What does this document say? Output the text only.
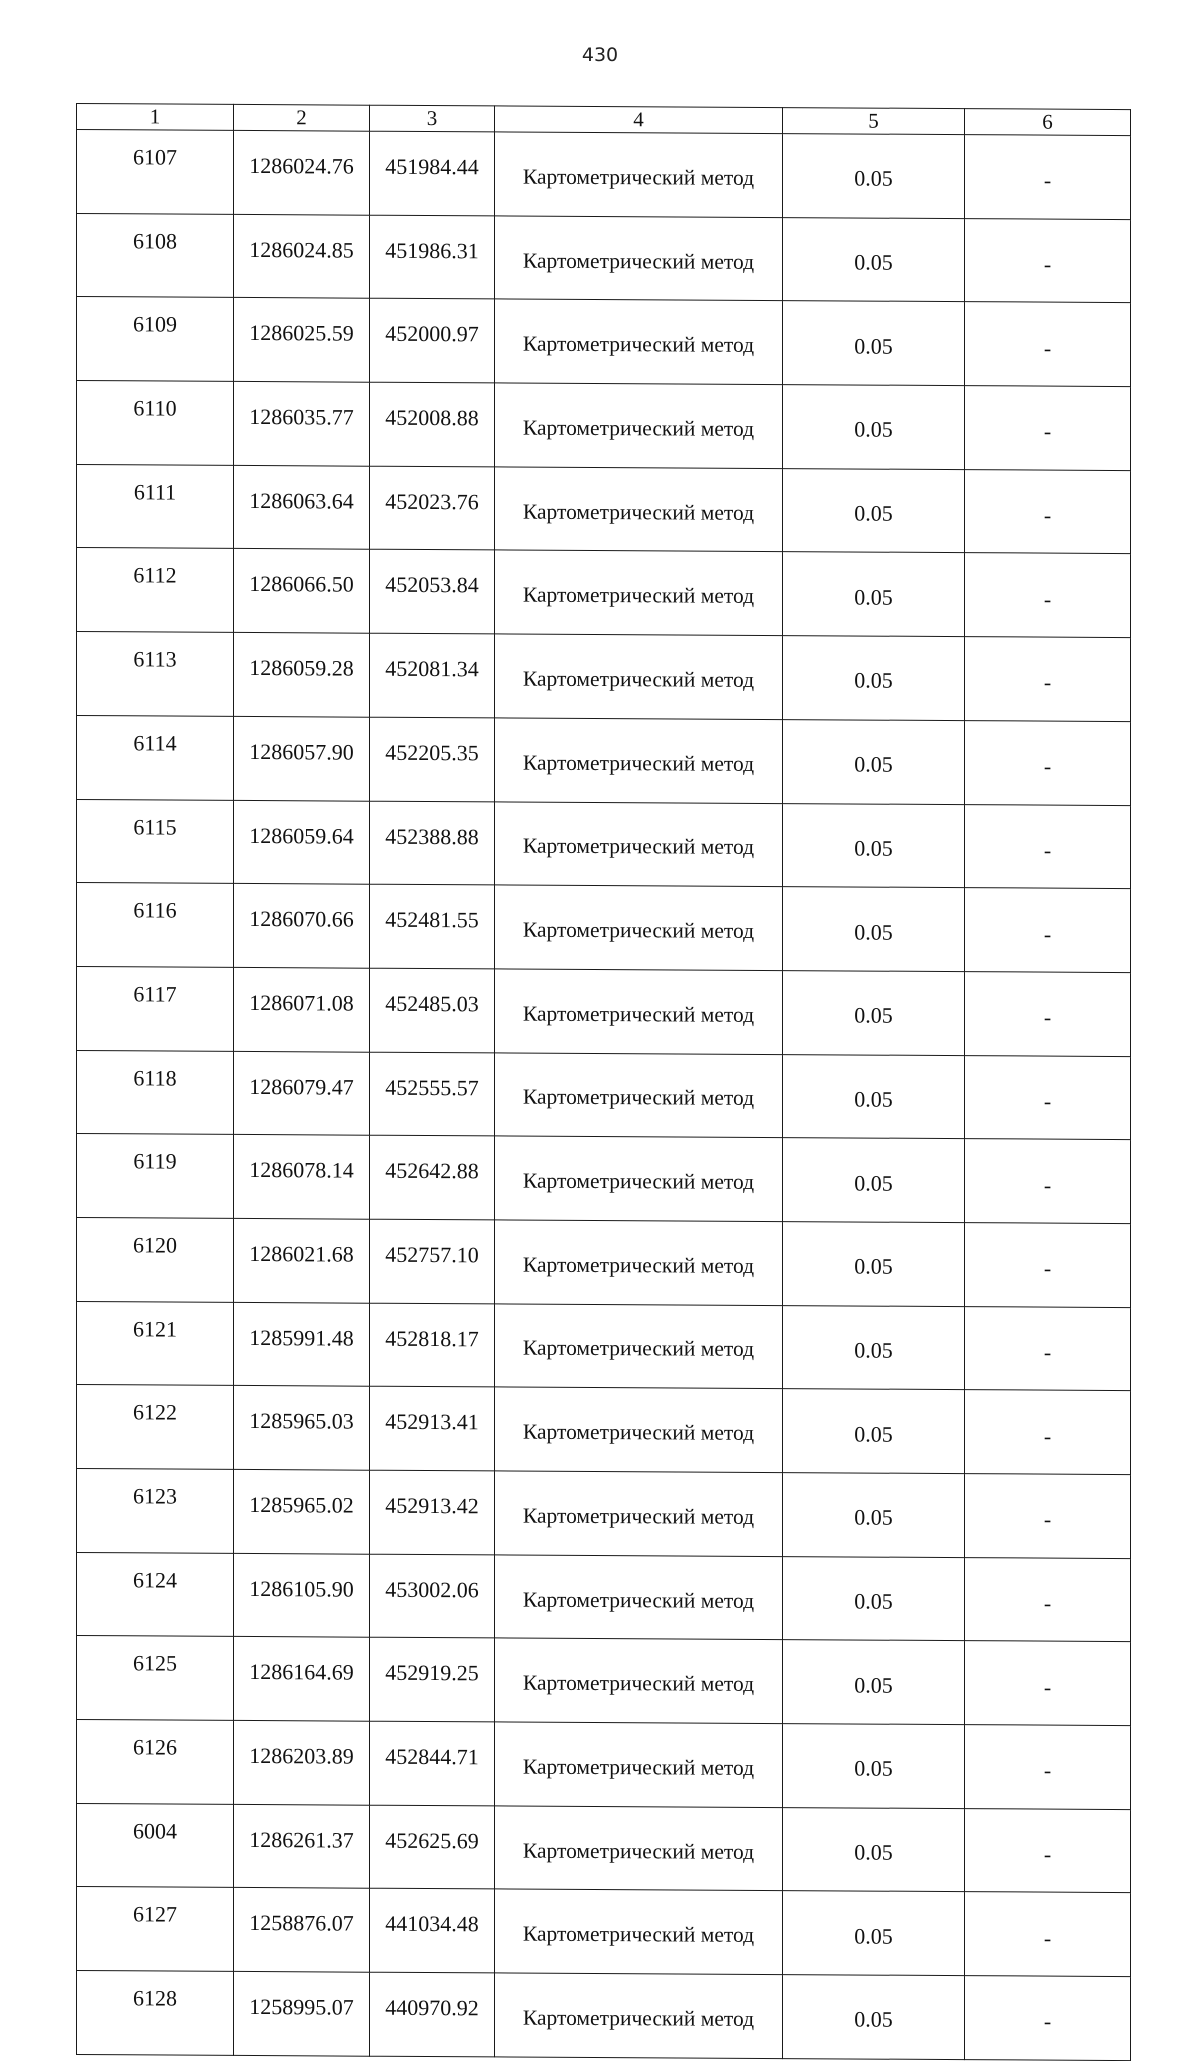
430
1	2	3	4	5	6
6107	1286024.76	451984.44	Картометрический метод	0.05	-
6108	1286024.85	451986.31	Картометрический метод	0.05	-
6109	1286025.59	452000.97	Картометрический метод	0.05	-
6110	1286035.77	452008.88	Картометрический метод	0.05	-
6111	1286063.64	452023.76	Картометрический метод	0.05	-
6112	1286066.50	452053.84	Картометрический метод	0.05	-
6113	1286059.28	452081.34	Картометрический метод	0.05	-
6114	1286057.90	452205.35	Картометрический метод	0.05	-
6115	1286059.64	452388.88	Картометрический метод	0.05	-
6116	1286070.66	452481.55	Картометрический метод	0.05	-
6117	1286071.08	452485.03	Картометрический метод	0.05	-
6118	1286079.47	452555.57	Картометрический метод	0.05	-
6119	1286078.14	452642.88	Картометрический метод	0.05	-
6120	1286021.68	452757.10	Картометрический метод	0.05	-
6121	1285991.48	452818.17	Картометрический метод	0.05	-
6122	1285965.03	452913.41	Картометрический метод	0.05	-
6123	1285965.02	452913.42	Картометрический метод	0.05	-
6124	1286105.90	453002.06	Картометрический метод	0.05	-
6125	1286164.69	452919.25	Картометрический метод	0.05	-
6126	1286203.89	452844.71	Картометрический метод	0.05	-
6004	1286261.37	452625.69	Картометрический метод	0.05	-
6127	1258876.07	441034.48	Картометрический метод	0.05	-
6128	1258995.07	440970.92	Картометрический метод	0.05	-
